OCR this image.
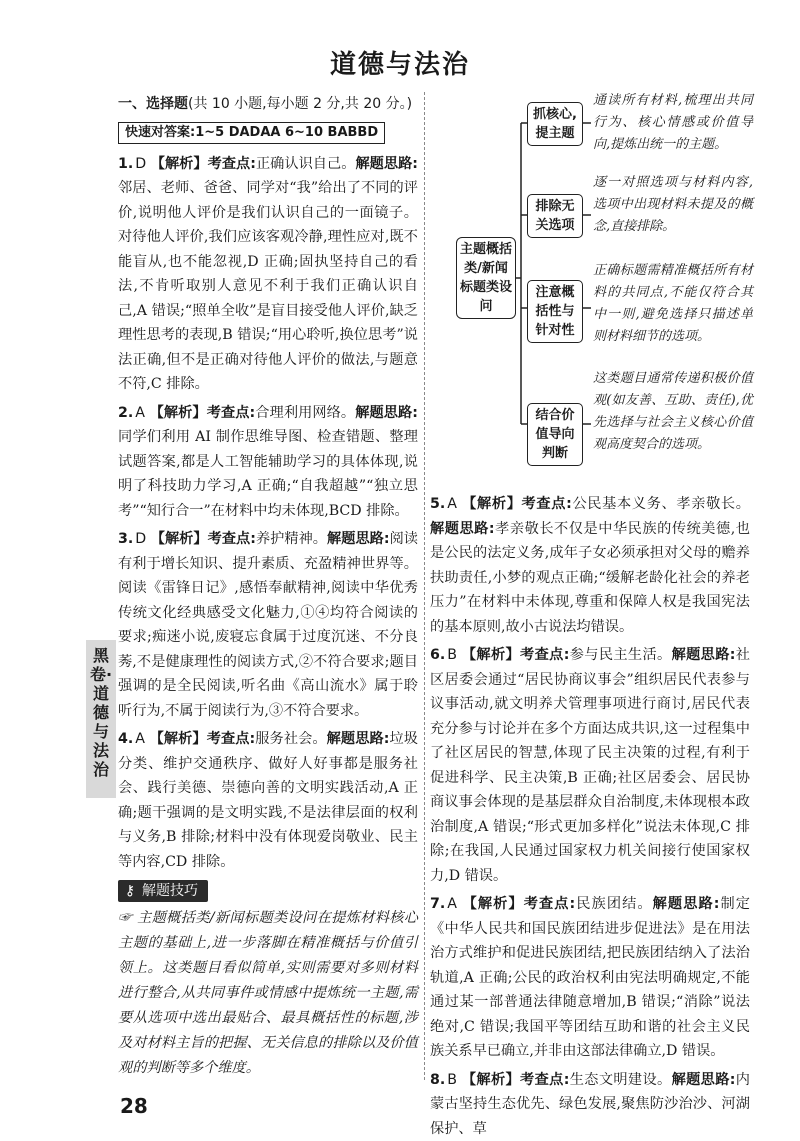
道德与法治
一、选择题(共 10 小题,每小题 2 分,共 20 分。)
快速对答案:1~5 DADAA 6~10 BABBD
1. D 【解析】考查点:正确认识自己。解题思路:邻居、老师、爸爸、同学对“我”给出了不同的评价,说明他人评价是我们认识自己的一面镜子。对待他人评价,我们应该客观冷静,理性应对,既不能盲从,也不能忽视,D 正确;固执坚持自己的看法,不肯听取别人意见不利于我们正确认识自己,A 错误;“照单全收”是盲目接受他人评价,缺乏理性思考的表现,B 错误;“用心聆听,换位思考”说法正确,但不是正确对待他人评价的做法,与题意不符,C 排除。
2. A 【解析】考查点:合理利用网络。解题思路:同学们利用 AI 制作思维导图、检查错题、整理试题答案,都是人工智能辅助学习的具体体现,说明了科技助力学习,A 正确;“自我超越”“独立思考”“知行合一”在材料中均未体现,BCD 排除。
3. D 【解析】考查点:养护精神。解题思路:阅读有利于增长知识、提升素质、充盈精神世界等。阅读《雷锋日记》,感悟奉献精神,阅读中华优秀传统文化经典感受文化魅力,①④均符合阅读的要求;痴迷小说,废寝忘食属于过度沉迷、不分良莠,不是健康理性的阅读方式,②不符合要求;题目强调的是全民阅读,听名曲《高山流水》属于聆听行为,不属于阅读行为,③不符合要求。
4. A 【解析】考查点:服务社会。解题思路:垃圾分类、维护交通秩序、做好人好事都是服务社会、践行美德、崇德向善的文明实践活动,A 正确;题干强调的是文明实践,不是法律层面的权利与义务,B 排除;材料中没有体现爱岗敬业、民主等内容,CD 排除。
⚷ 解题技巧
☞ 主题概括类/新闻标题类设问在提炼材料核心主题的基础上,进一步落脚在精准概括与价值引领上。这类题目看似简单,实则需要对多则材料进行整合,从共同事件或情感中提炼统一主题,需要从选项中选出最贴合、最具概括性的标题,涉及对材料主旨的把握、无关信息的排除以及价值观的判断等多个维度。
主题概括类/新闻标题类设问
抓核心,提主题
通读所有材料,梳理出共同行为、核心情感或价值导向,提炼出统一的主题。
排除无关选项
逐一对照选项与材料内容,选项中出现材料未提及的概念,直接排除。
注意概括性与针对性
正确标题需精准概括所有材料的共同点,不能仅符合其中一则,避免选择只描述单则材料细节的选项。
结合价值导向判断
这类题目通常传递积极价值观(如友善、互助、责任),优先选择与社会主义核心价值观高度契合的选项。
5. A 【解析】考查点:公民基本义务、孝亲敬长。解题思路:孝亲敬长不仅是中华民族的传统美德,也是公民的法定义务,成年子女必须承担对父母的赡养扶助责任,小梦的观点正确;“缓解老龄化社会的养老压力”在材料中未体现,尊重和保障人权是我国宪法的基本原则,故小古说法均错误。
6. B 【解析】考查点:参与民主生活。解题思路:社区居委会通过“居民协商议事会”组织居民代表参与议事活动,就文明养犬管理事项进行商讨,居民代表充分参与讨论并在多个方面达成共识,这一过程集中了社区居民的智慧,体现了民主决策的过程,有利于促进科学、民主决策,B 正确;社区居委会、居民协商议事会体现的是基层群众自治制度,未体现根本政治制度,A 错误;“形式更加多样化”说法未体现,C 排除;在我国,人民通过国家权力机关间接行使国家权力,D 错误。
7. A 【解析】考查点:民族团结。解题思路:制定《中华人民共和国民族团结进步促进法》是在用法治方式维护和促进民族团结,把民族团结纳入了法治轨道,A 正确;公民的政治权利由宪法明确规定,不能通过某一部普通法律随意增加,B 错误;“消除”说法绝对,C 错误;我国平等团结互助和谐的社会主义民族关系早已确立,并非由这部法律确立,D 错误。
8. B 【解析】考查点:生态文明建设。解题思路:内蒙古坚持生态优先、绿色发展,聚焦防沙治沙、河湖保护、草
黑卷·道德与法治
28
